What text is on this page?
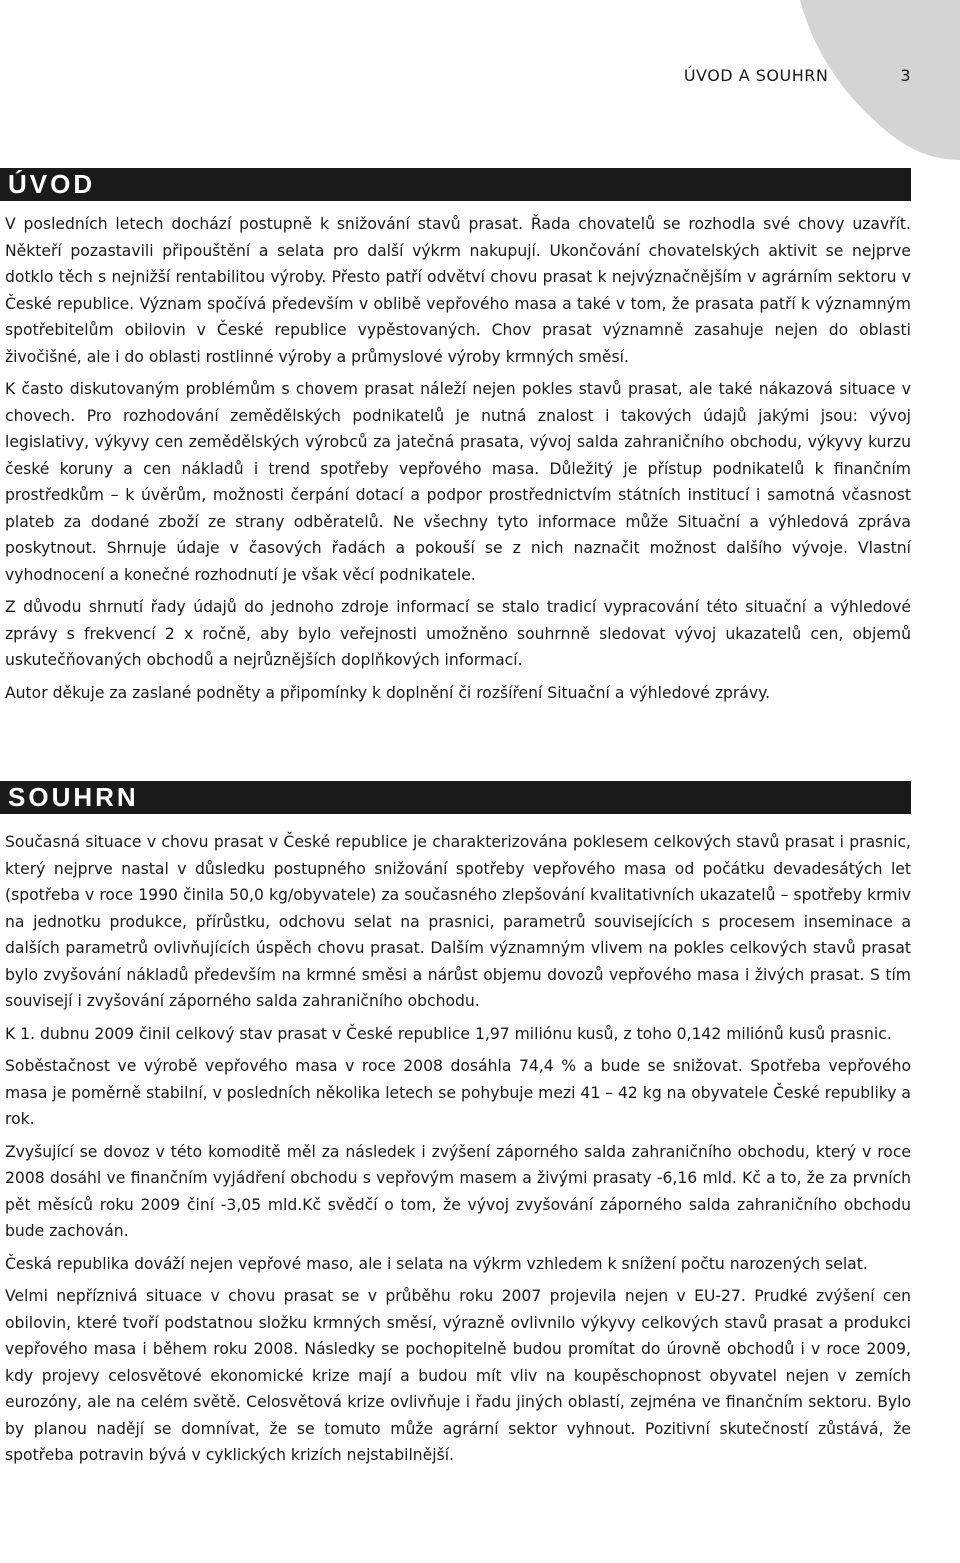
ÚVOD A SOUHRN	3
ÚVOD

V posledních letech dochází postupně k snižování stavů prasat. Řada chovatelů se rozhodla své chovy uzavřít. Někteří pozastavili připouštění a selata pro další výkrm nakupují. Ukončování chovatelských aktivit se nejprve dotklo těch s nejnižší rentabilitou výroby. Přesto patří odvětví chovu prasat k nejvýznačnějším v agrárním sektoru v České republice. Význam spočívá především v oblibě vepřového masa a také v tom, že prasata patří k významným spotřebitelům obilovin v České republice vypěstovaných. Chov prasat významně zasahuje nejen do oblasti živočišné, ale i do oblasti rostlinné výroby a průmyslové výroby krmných směsí.

K často diskutovaným problémům s chovem prasat náleží nejen pokles stavů prasat, ale také nákazová situace v chovech. Pro rozhodování zemědělských podnikatelů je nutná znalost i takových údajů jakými jsou: vývoj legislativy, výkyvy cen zemědělských výrobců za jatečná prasata, vývoj salda zahraničního obchodu, výkyvy kurzu české koruny a cen nákladů i trend spotřeby vepřového masa. Důležitý je přístup podnikatelů k finančním prostředkům – k úvěrům, možnosti čerpání dotací a podpor prostřednictvím státních institucí i samotná včasnost plateb za dodané zboží ze strany odběratelů. Ne všechny tyto informace může Situační a výhledová zpráva poskytnout. Shrnuje údaje v časových řadách a pokouší se z nich naznačit možnost dalšího vývoje. Vlastní vyhodnocení a konečné rozhodnutí je však věcí podnikatele.

Z důvodu shrnutí řady údajů do jednoho zdroje informací se stalo tradicí vypracování této situační a výhledové zprávy s frekvencí 2 x ročně, aby bylo veřejnosti umožněno souhrnně sledovat vývoj ukazatelů cen, objemů uskutečňovaných obchodů a nejrůznějších doplňkových informací.

Autor děkuje za zaslané podněty a připomínky k doplnění či rozšíření Situační a výhledové zprávy.

SOUHRN

Současná situace v chovu prasat v České republice je charakterizována poklesem celkových stavů prasat i prasnic, který nejprve nastal v důsledku postupného snižování spotřeby vepřového masa od počátku devadesátých let (spotřeba v roce 1990 činila 50,0 kg/obyvatele) za současného zlepšování kvalitativních ukazatelů – spotřeby krmiv na jednotku produkce, přírůstku, odchovu selat na prasnici, parametrů souvisejících s procesem inseminace a dalších parametrů ovlivňujících úspěch chovu prasat. Dalším významným vlivem na pokles celkových stavů prasat bylo zvyšování nákladů především na krmné směsi a nárůst objemu dovozů vepřového masa i živých prasat. S tím souvisejí i zvyšování záporného salda zahraničního obchodu.

K 1. dubnu 2009 činil celkový stav prasat v České republice 1,97 miliónu kusů, z toho 0,142 miliónů kusů prasnic.

Soběstačnost ve výrobě vepřového masa v roce 2008 dosáhla 74,4 % a bude se snižovat. Spotřeba vepřového masa je poměrně stabilní, v posledních několika letech se pohybuje mezi 41 – 42 kg na obyvatele České republiky a rok.

Zvyšující se dovoz v této komoditě měl za následek i zvýšení záporného salda zahraničního obchodu, který v roce 2008 dosáhl ve finančním vyjádření obchodu s vepřovým masem a živými prasaty -6,16 mld. Kč a to, že za prvních pět měsíců roku 2009 činí -3,05 mld.Kč svědčí o tom, že vývoj zvyšování záporného salda zahraničního obchodu bude zachován.

Česká republika dováží nejen vepřové maso, ale i selata na výkrm vzhledem k snížení počtu narozených selat.

Velmi nepříznivá situace v chovu prasat se v průběhu roku 2007 projevila nejen v EU-27. Prudké zvýšení cen obilovin, které tvoří podstatnou složku krmných směsí, výrazně ovlivnilo výkyvy celkových stavů prasat a produkci vepřového masa i během roku 2008. Následky se pochopitelně budou promítat do úrovně obchodů i v roce 2009, kdy projevy celosvětové ekonomické krize mají a budou mít vliv na koupěschopnost obyvatel nejen v zemích eurozóny, ale na celém světě. Celosvětová krize ovlivňuje i řadu jiných oblastí, zejména ve finančním sektoru. Bylo by planou nadějí se domnívat, že se tomuto může agrární sektor vyhnout. Pozitivní skutečností zůstává, že spotřeba potravin bývá v cyklických krizích nejstabilnější.
